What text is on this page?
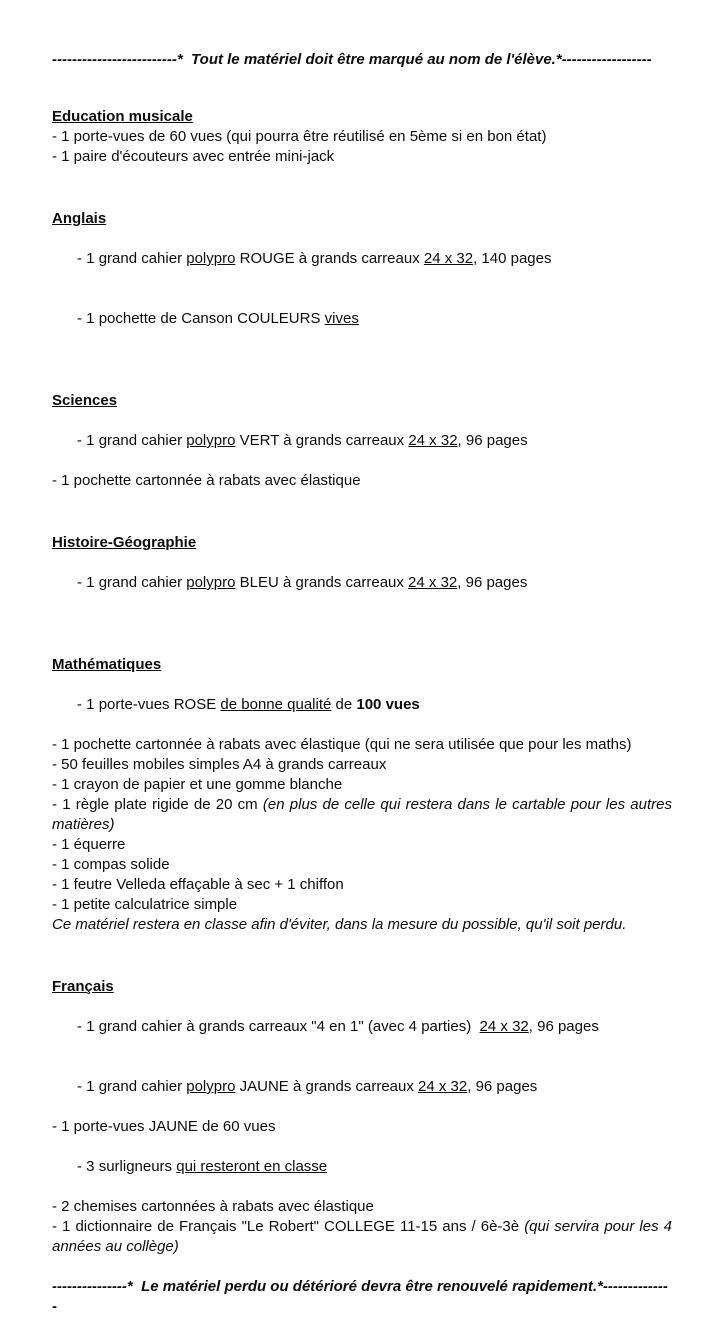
-------------------------*  Tout le matériel doit être marqué au nom de l'élève.*------------------

Education musicale

- 1 porte-vues de 60 vues (qui pourra être réutilisé en 5ème si en bon état)

- 1 paire d'écouteurs avec entrée mini-jack

Anglais

- 1 grand cahier polypro ROUGE à grands carreaux 24 x 32, 140 pages

- 1 pochette de Canson COULEURS vives

Sciences

- 1 grand cahier polypro VERT à grands carreaux 24 x 32, 96 pages

- 1 pochette cartonnée à rabats avec élastique

Histoire-Géographie

- 1 grand cahier polypro BLEU à grands carreaux 24 x 32, 96 pages

Mathématiques

- 1 porte-vues ROSE de bonne qualité de 100 vues

- 1 pochette cartonnée à rabats avec élastique (qui ne sera utilisée que pour les maths)

- 50 feuilles mobiles simples A4 à grands carreaux

- 1 crayon de papier et une gomme blanche

- 1 règle plate rigide de 20 cm (en plus de celle qui restera dans le cartable pour les autres matières)

- 1 équerre

- 1 compas solide

- 1 feutre Velleda effaçable à sec + 1 chiffon

- 1 petite calculatrice simple

Ce matériel restera en classe afin d'éviter, dans la mesure du possible, qu'il soit perdu.

Français

- 1 grand cahier à grands carreaux "4 en 1" (avec 4 parties)  24 x 32, 96 pages

- 1 grand cahier polypro JAUNE à grands carreaux 24 x 32, 96 pages

- 1 porte-vues JAUNE de 60 vues

- 3 surligneurs qui resteront en classe

- 2 chemises cartonnées à rabats avec élastique

- 1 dictionnaire de Français "Le Robert" COLLEGE 11-15 ans / 6è-3è (qui servira pour les 4 années au collège)

---------------*  Le matériel perdu ou détérioré devra être renouvelé rapidement.*--------------
